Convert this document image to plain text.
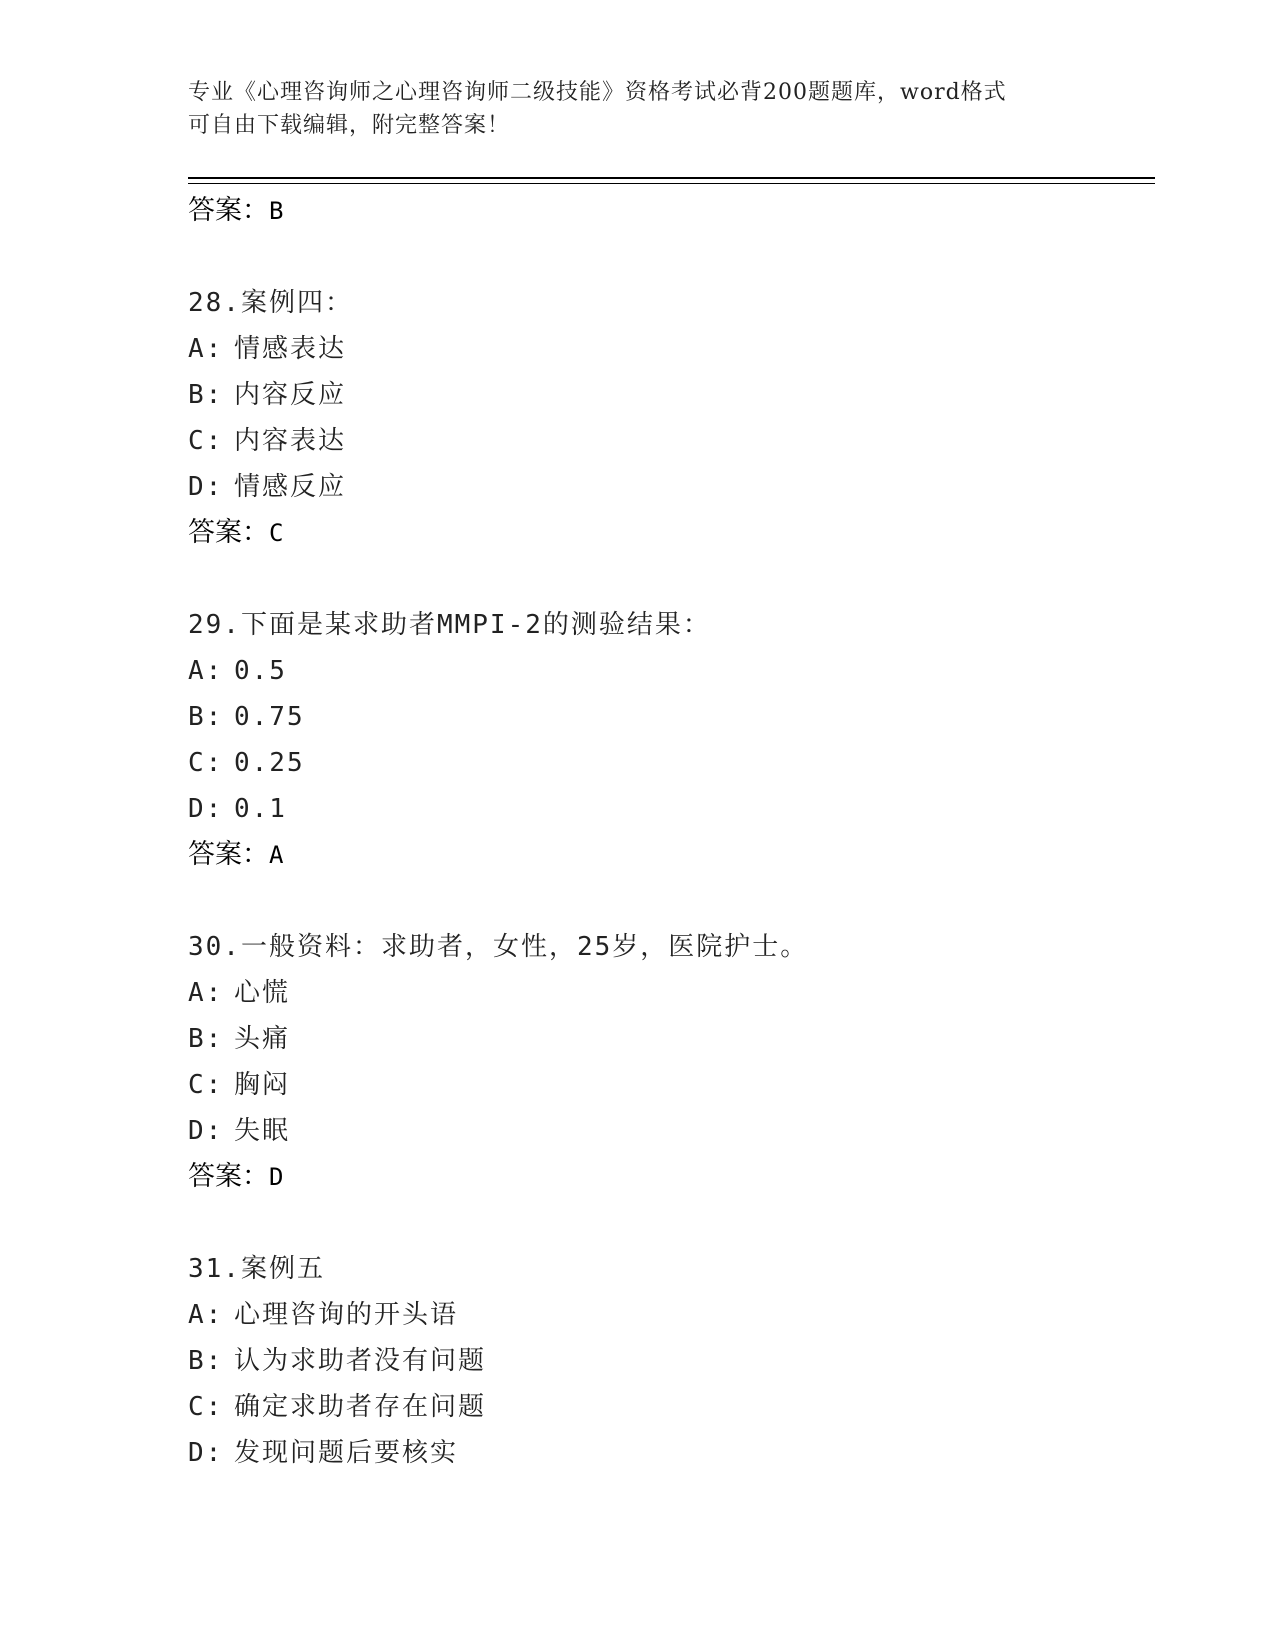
专业《心理咨询师之心理咨询师二级技能》资格考试必背200题题库，word格式

可自由下载编辑，附完整答案！

答案：B
28.案例四：
A: 情感表达
B: 内容反应
C: 内容表达
D: 情感反应
答案：C
29.下面是某求助者MMPI-2的测验结果：
A: 0.5
B: 0.75
C: 0.25
D: 0.1
答案：A
30.一般资料：求助者，女性，25岁，医院护士。
A: 心慌
B: 头痛
C: 胸闷
D: 失眠
答案：D
31.案例五
A: 心理咨询的开头语
B: 认为求助者没有问题
C: 确定求助者存在问题
D: 发现问题后要核实
